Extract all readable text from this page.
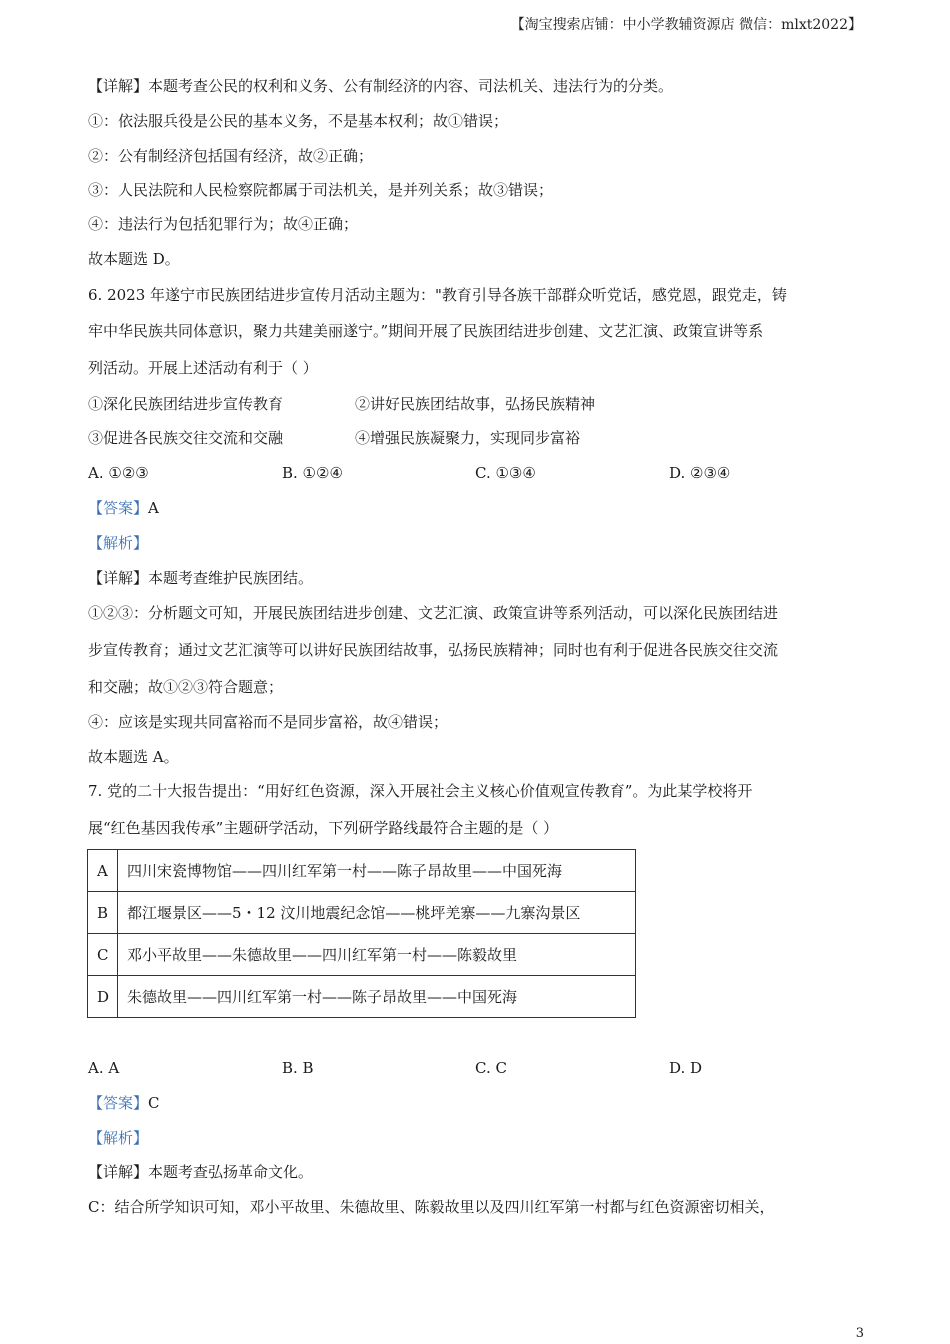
【淘宝搜索店铺：中小学教辅资源店 微信：mlxt2022】
【详解】本题考查公民的权利和义务、公有制经济的内容、司法机关、违法行为的分类。
①：依法服兵役是公民的基本义务，不是基本权利；故①错误；
②：公有制经济包括国有经济，故②正确；
③：人民法院和人民检察院都属于司法机关，是并列关系；故③错误；
④：违法行为包括犯罪行为；故④正确；
故本题选 D。
6. 2023 年遂宁市民族团结进步宣传月活动主题为："教育引导各族干部群众听党话，感党恩，跟党走，铸
牢中华民族共同体意识，聚力共建美丽遂宁。”期间开展了民族团结进步创建、文艺汇演、政策宣讲等系
列活动。开展上述活动有利于（ ）
①深化民族团结进步宣传教育	②讲好民族团结故事，弘扬民族精神
③促进各民族交往交流和交融	④增强民族凝聚力，实现同步富裕
A. ①②③	B. ①②④	C. ①③④	D. ②③④
【答案】A
【解析】
【详解】本题考查维护民族团结。
①②③：分析题文可知，开展民族团结进步创建、文艺汇演、政策宣讲等系列活动，可以深化民族团结进
步宣传教育；通过文艺汇演等可以讲好民族团结故事，弘扬民族精神；同时也有利于促进各民族交往交流
和交融；故①②③符合题意；
④：应该是实现共同富裕而不是同步富裕，故④错误；
故本题选 A。
7. 党的二十大报告提出：“用好红色资源，深入开展社会主义核心价值观宣传教育”。为此某学校将开
展“红色基因我传承”主题研学活动，下列研学路线最符合主题的是（ ）
A	四川宋瓷博物馆——四川红军第一村——陈子昂故里——中国死海
B	都江堰景区——5・12 汶川地震纪念馆——桃坪羌寨——九寨沟景区
C	邓小平故里——朱德故里——四川红军第一村——陈毅故里
D	朱德故里——四川红军第一村——陈子昂故里——中国死海
A. A	B. B	C. C	D. D
【答案】C
【解析】
【详解】本题考查弘扬革命文化。
C：结合所学知识可知，邓小平故里、朱德故里、陈毅故里以及四川红军第一村都与红色资源密切相关，
3
